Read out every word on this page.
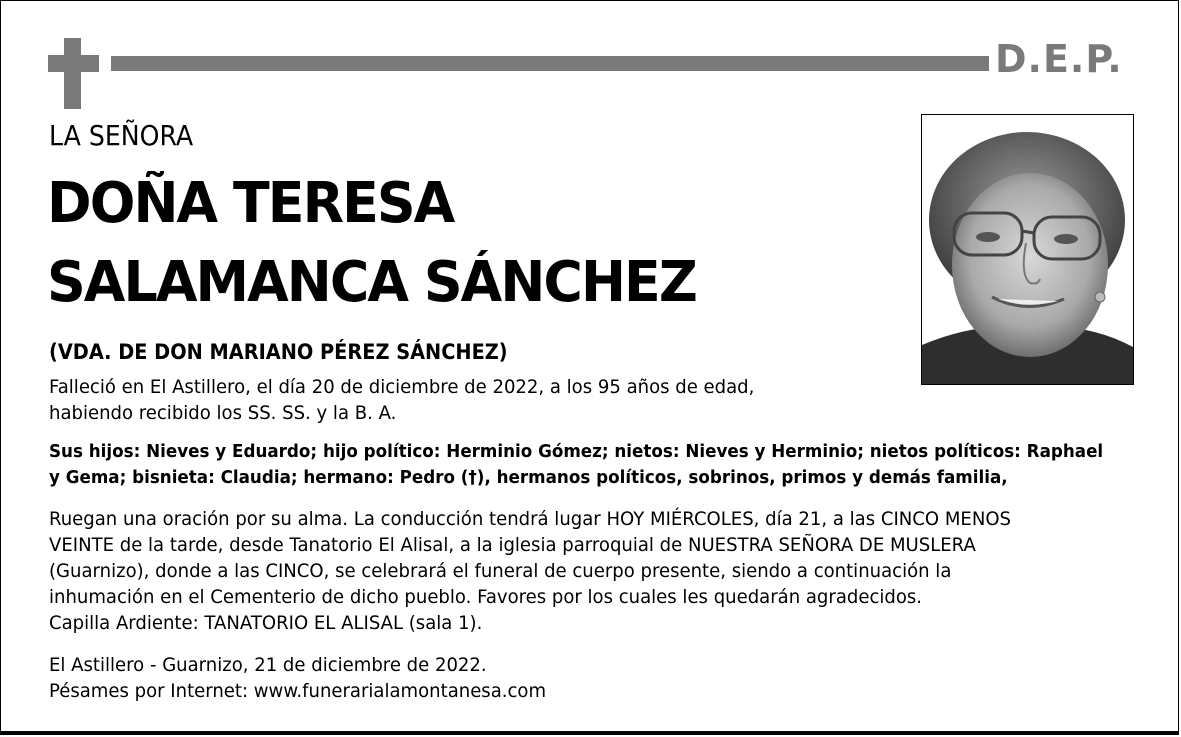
D.E.P.

LA SEÑORA

DOÑA TERESA

SALAMANCA SÁNCHEZ

(VDA. DE DON MARIANO PÉREZ SÁNCHEZ)

Falleció en El Astillero, el día 20 de diciembre de 2022, a los 95 años de edad,

habiendo recibido los SS. SS. y la B. A.

Sus hijos: Nieves y Eduardo; hijo político: Herminio Gómez; nietos: Nieves y Herminio; nietos políticos: Raphael

y Gema; bisnieta: Claudia; hermano: Pedro (†), hermanos políticos, sobrinos, primos y demás familia,

Ruegan una oración por su alma. La conducción tendrá lugar HOY MIÉRCOLES, día 21, a las CINCO MENOS

VEINTE de la tarde, desde Tanatorio El Alisal, a la iglesia parroquial de NUESTRA SEÑORA DE MUSLERA

(Guarnizo), donde a las CINCO, se celebrará el funeral de cuerpo presente, siendo a continuación la

inhumación en el Cementerio de dicho pueblo. Favores por los cuales les quedarán agradecidos.

Capilla Ardiente: TANATORIO EL ALISAL (sala 1).

El Astillero - Guarnizo, 21 de diciembre de 2022.

Pésames por Internet: www.funerarialamontanesa.com
